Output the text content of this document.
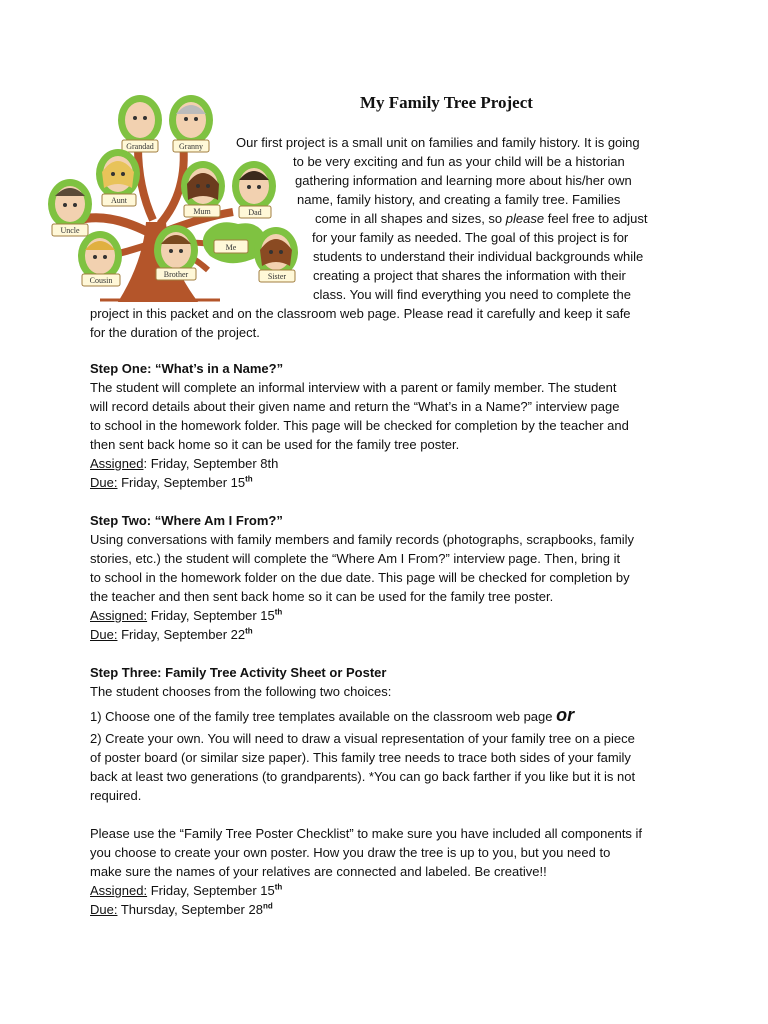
Grandad	Granny
Aunt
Mum	Dad
Uncle
Me
Cousin
Brother	Sister
My Family Tree Project
Our first project is a small unit on families and family history. It is going
to be very exciting and fun as your child will be a historian
gathering information and learning more about his/her own
name, family history, and creating a family tree. Families
come in all shapes and sizes, so please feel free to adjust
for your family as needed. The goal of this project is for
students to understand their individual backgrounds while
creating a project that shares the information with their
class. You will find everything you need to complete the
project in this packet and on the classroom web page. Please read it carefully and keep it safe
for the duration of the project.
Step One: “What’s in a Name?”
The student will complete an informal interview with a parent or family member. The student
will record details about their given name and return the “What’s in a Name?” interview page
to school in the homework folder. This page will be checked for completion by the teacher and
then sent back home so it can be used for the family tree poster.
Assigned: Friday, September 8th
Due: Friday, September 15th
Step Two: “Where Am I From?”
Using conversations with family members and family records (photographs, scrapbooks, family
stories, etc.) the student will complete the “Where Am I From?” interview page. Then, bring it
to school in the homework folder on the due date. This page will be checked for completion by
the teacher and then sent back home so it can be used for the family tree poster.
Assigned: Friday, September 15th
Due: Friday, September 22th
Step Three: Family Tree Activity Sheet or Poster
The student chooses from the following two choices:
1) Choose one of the family tree templates available on the classroom web page or
2) Create your own. You will need to draw a visual representation of your family tree on a piece
of poster board (or similar size paper). This family tree needs to trace both sides of your family
back at least two generations (to grandparents). *You can go back farther if you like but it is not
required.
Please use the “Family Tree Poster Checklist” to make sure you have included all components if
you choose to create your own poster. How you draw the tree is up to you, but you need to
make sure the names of your relatives are connected and labeled. Be creative!!
Assigned: Friday, September 15th
Due: Thursday, September 28nd
